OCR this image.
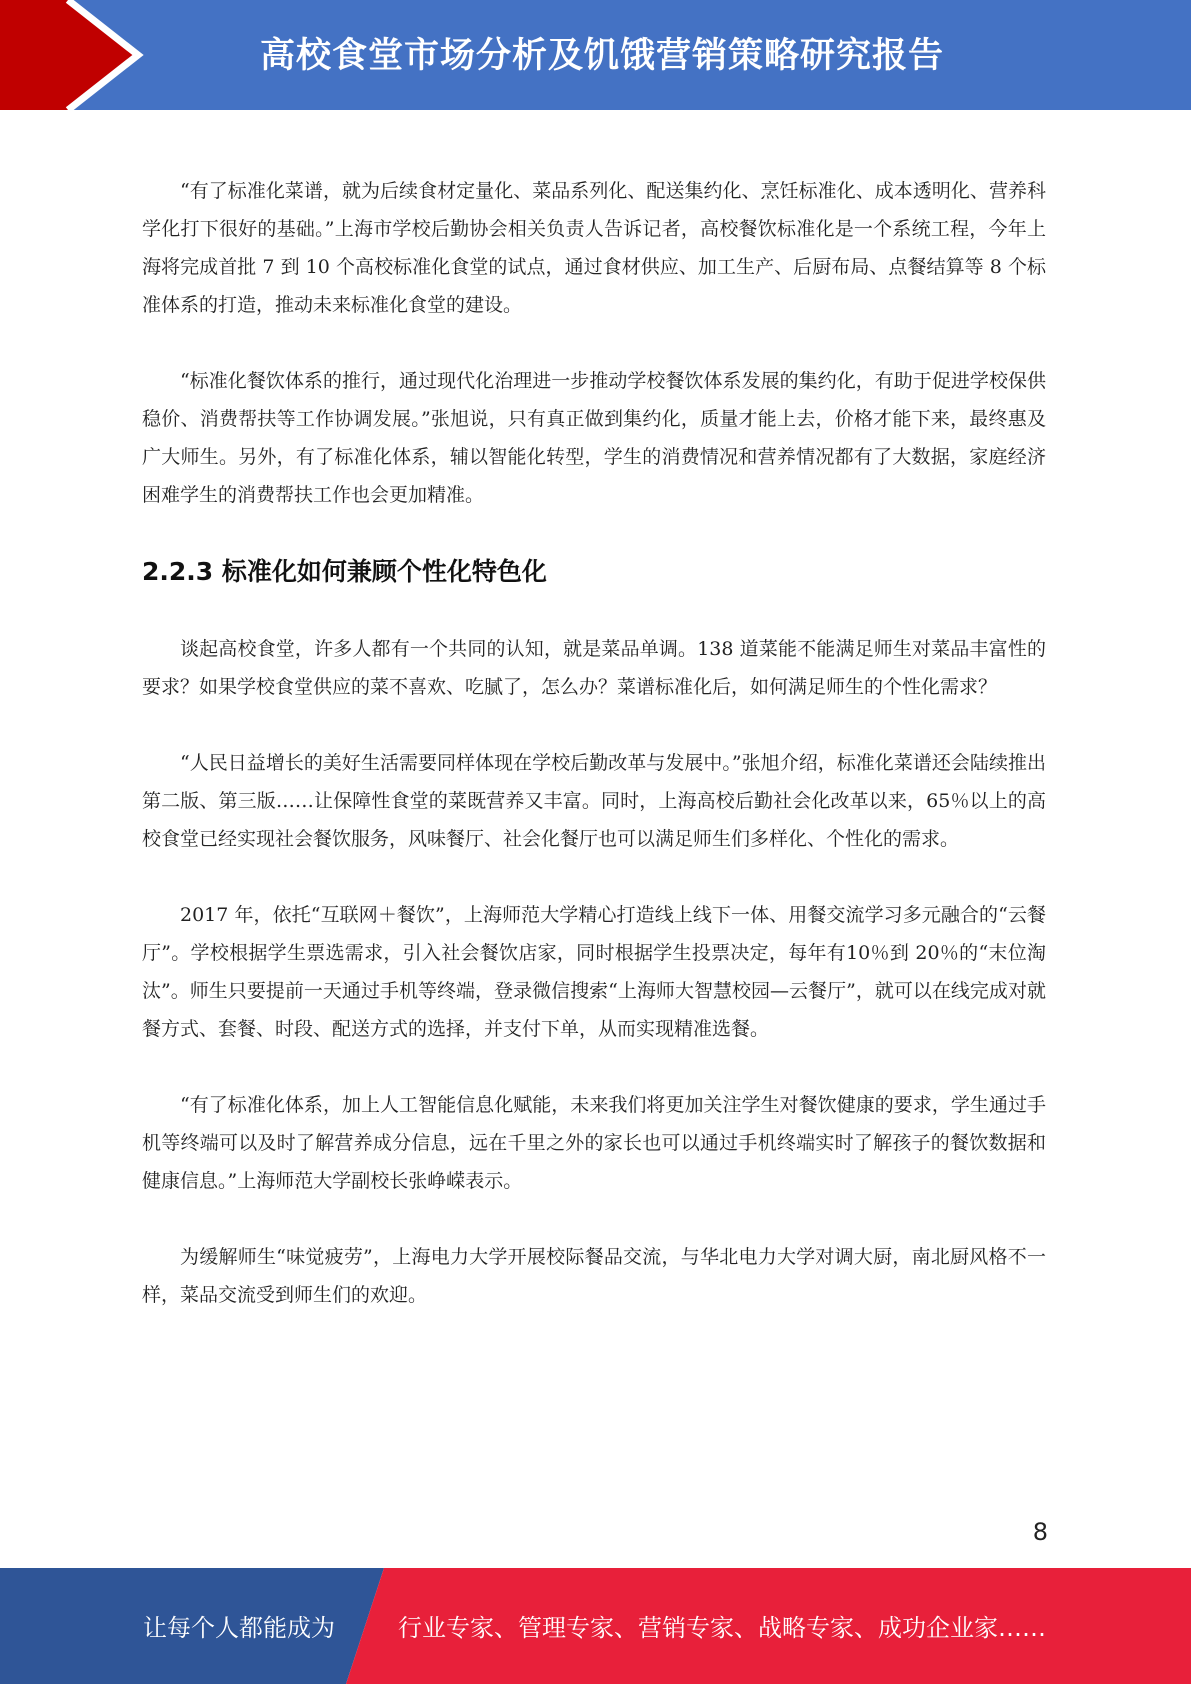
高校食堂市场分析及饥饿营销策略研究报告

“有了标准化菜谱，就为后续食材定量化、菜品系列化、配送集约化、烹饪标准化、成本透明化、营养科学化打下很好的基础。”上海市学校后勤协会相关负责人告诉记者，高校餐饮标准化是一个系统工程，今年上海将完成首批 7 到 10 个高校标准化食堂的试点，通过食材供应、加工生产、后厨布局、点餐结算等 8 个标准体系的打造，推动未来标准化食堂的建设。

“标准化餐饮体系的推行，通过现代化治理进一步推动学校餐饮体系发展的集约化，有助于促进学校保供稳价、消费帮扶等工作协调发展。”张旭说，只有真正做到集约化，质量才能上去，价格才能下来，最终惠及广大师生。另外，有了标准化体系，辅以智能化转型，学生的消费情况和营养情况都有了大数据，家庭经济困难学生的消费帮扶工作也会更加精准。

2.2.3 标准化如何兼顾个性化特色化

谈起高校食堂，许多人都有一个共同的认知，就是菜品单调。138 道菜能不能满足师生对菜品丰富性的要求？如果学校食堂供应的菜不喜欢、吃腻了，怎么办？菜谱标准化后，如何满足师生的个性化需求？

“人民日益增长的美好生活需要同样体现在学校后勤改革与发展中。”张旭介绍，标准化菜谱还会陆续推出第二版、第三版……让保障性食堂的菜既营养又丰富。同时，上海高校后勤社会化改革以来，65％以上的高校食堂已经实现社会餐饮服务，风味餐厅、社会化餐厅也可以满足师生们多样化、个性化的需求。

2017 年，依托“互联网＋餐饮”，上海师范大学精心打造线上线下一体、用餐交流学习多元融合的“云餐厅”。学校根据学生票选需求，引入社会餐饮店家，同时根据学生投票决定，每年有10％到 20％的“末位淘汰”。师生只要提前一天通过手机等终端，登录微信搜索“上海师大智慧校园—云餐厅”，就可以在线完成对就餐方式、套餐、时段、配送方式的选择，并支付下单，从而实现精准选餐。

“有了标准化体系，加上人工智能信息化赋能，未来我们将更加关注学生对餐饮健康的要求，学生通过手机等终端可以及时了解营养成分信息，远在千里之外的家长也可以通过手机终端实时了解孩子的餐饮数据和健康信息。”上海师范大学副校长张峥嵘表示。

为缓解师生“味觉疲劳”，上海电力大学开展校际餐品交流，与华北电力大学对调大厨，南北厨风格不一样，菜品交流受到师生们的欢迎。

8
让每个人都能成为	行业专家、管理专家、营销专家、战略专家、成功企业家……
